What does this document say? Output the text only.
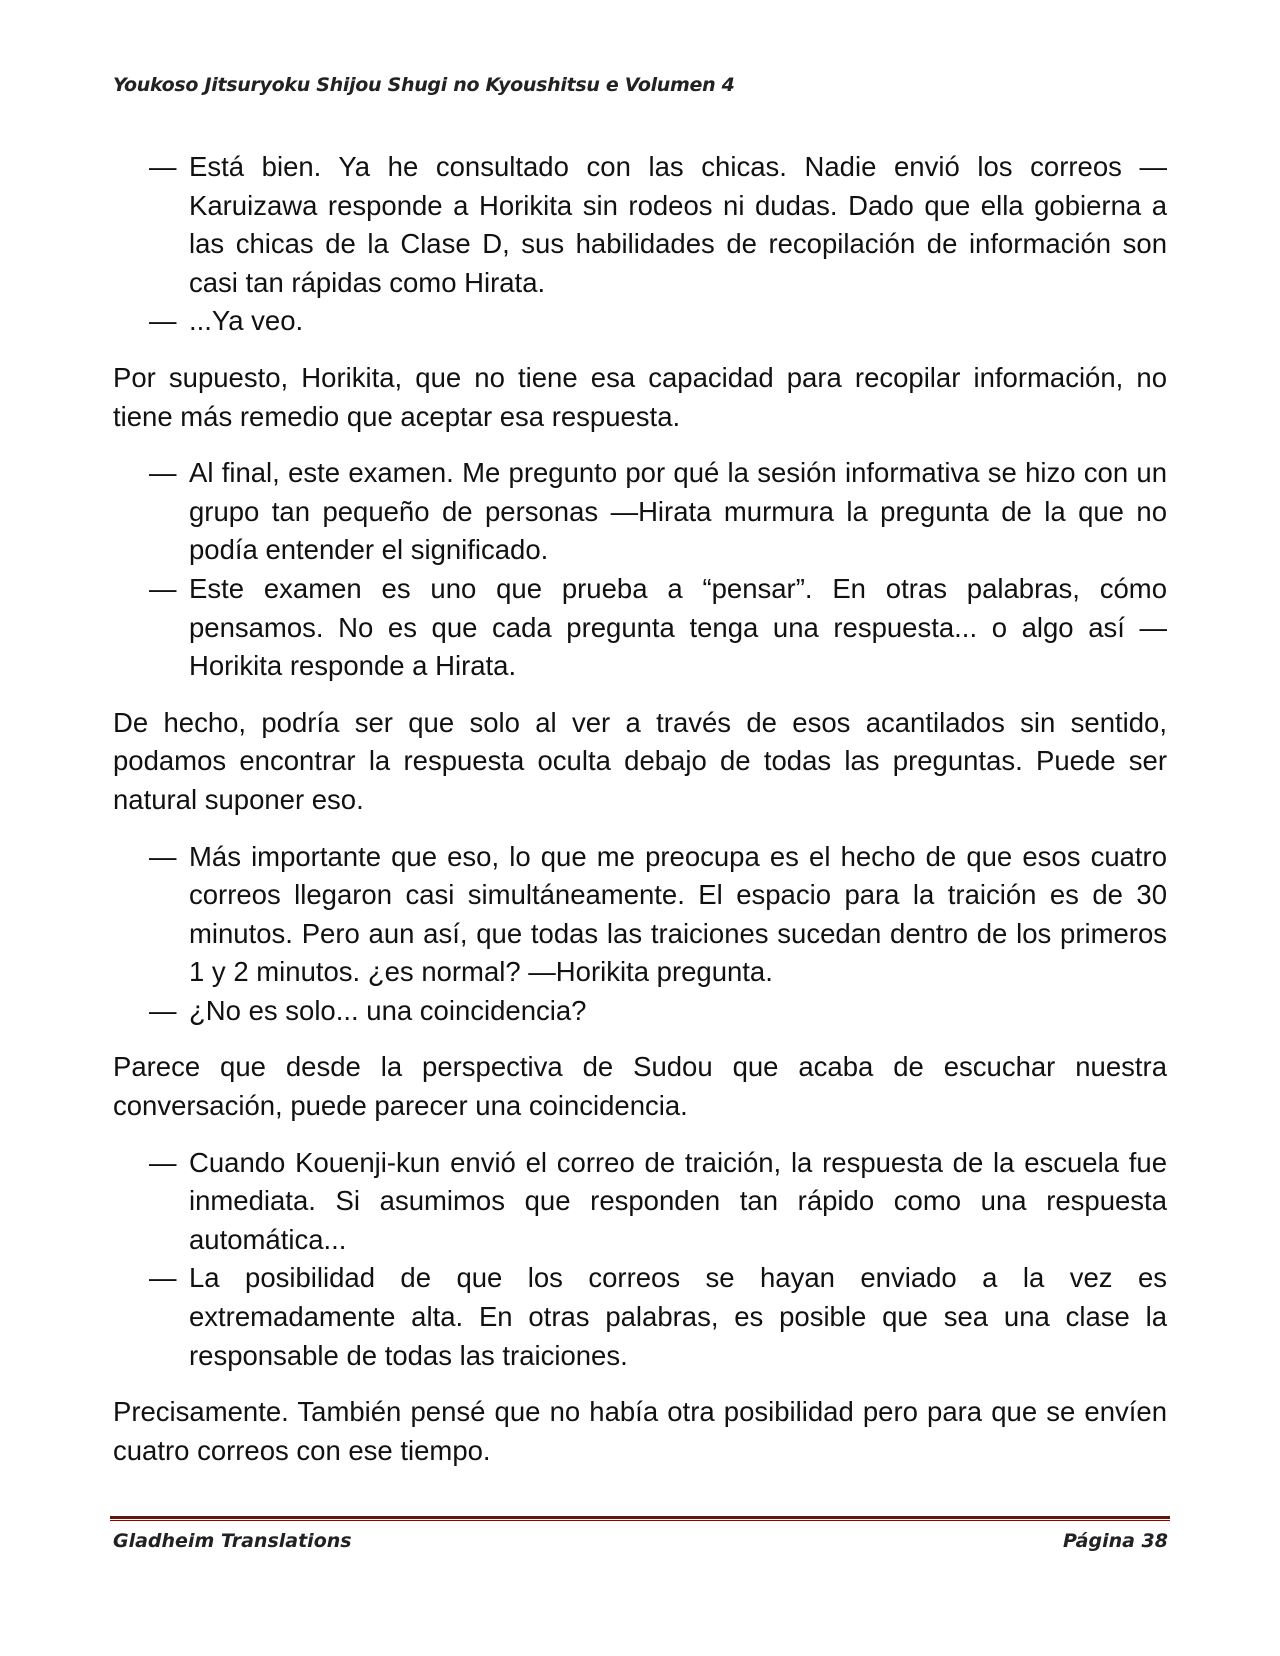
Youkoso Jitsuryoku Shijou Shugi no Kyoushitsu e Volumen 4
— Está bien. Ya he consultado con las chicas. Nadie envió los correos — Karuizawa responde a Horikita sin rodeos ni dudas. Dado que ella gobierna a las chicas de la Clase D, sus habilidades de recopilación de información son casi tan rápidas como Hirata.
— ...Ya veo.

Por supuesto, Horikita, que no tiene esa capacidad para recopilar información, no tiene más remedio que aceptar esa respuesta.

— Al final, este examen. Me pregunto por qué la sesión informativa se hizo con un grupo tan pequeño de personas —Hirata murmura la pregunta de la que no podía entender el significado.
— Este examen es uno que prueba a “pensar”. En otras palabras, cómo pensamos. No es que cada pregunta tenga una respuesta... o algo así — Horikita responde a Hirata.

De hecho, podría ser que solo al ver a través de esos acantilados sin sentido, podamos encontrar la respuesta oculta debajo de todas las preguntas. Puede ser natural suponer eso.

— Más importante que eso, lo que me preocupa es el hecho de que esos cuatro correos llegaron casi simultáneamente. El espacio para la traición es de 30 minutos. Pero aun así, que todas las traiciones sucedan dentro de los primeros 1 y 2 minutos. ¿es normal? —Horikita pregunta.
— ¿No es solo... una coincidencia?

Parece que desde la perspectiva de Sudou que acaba de escuchar nuestra conversación, puede parecer una coincidencia.

— Cuando Kouenji-kun envió el correo de traición, la respuesta de la escuela fue inmediata. Si asumimos que responden tan rápido como una respuesta automática...
— La posibilidad de que los correos se hayan enviado a la vez es extremadamente alta. En otras palabras, es posible que sea una clase la responsable de todas las traiciones.

Precisamente. También pensé que no había otra posibilidad pero para que se envíen cuatro correos con ese tiempo.

Gladheim Translations	Página 38
